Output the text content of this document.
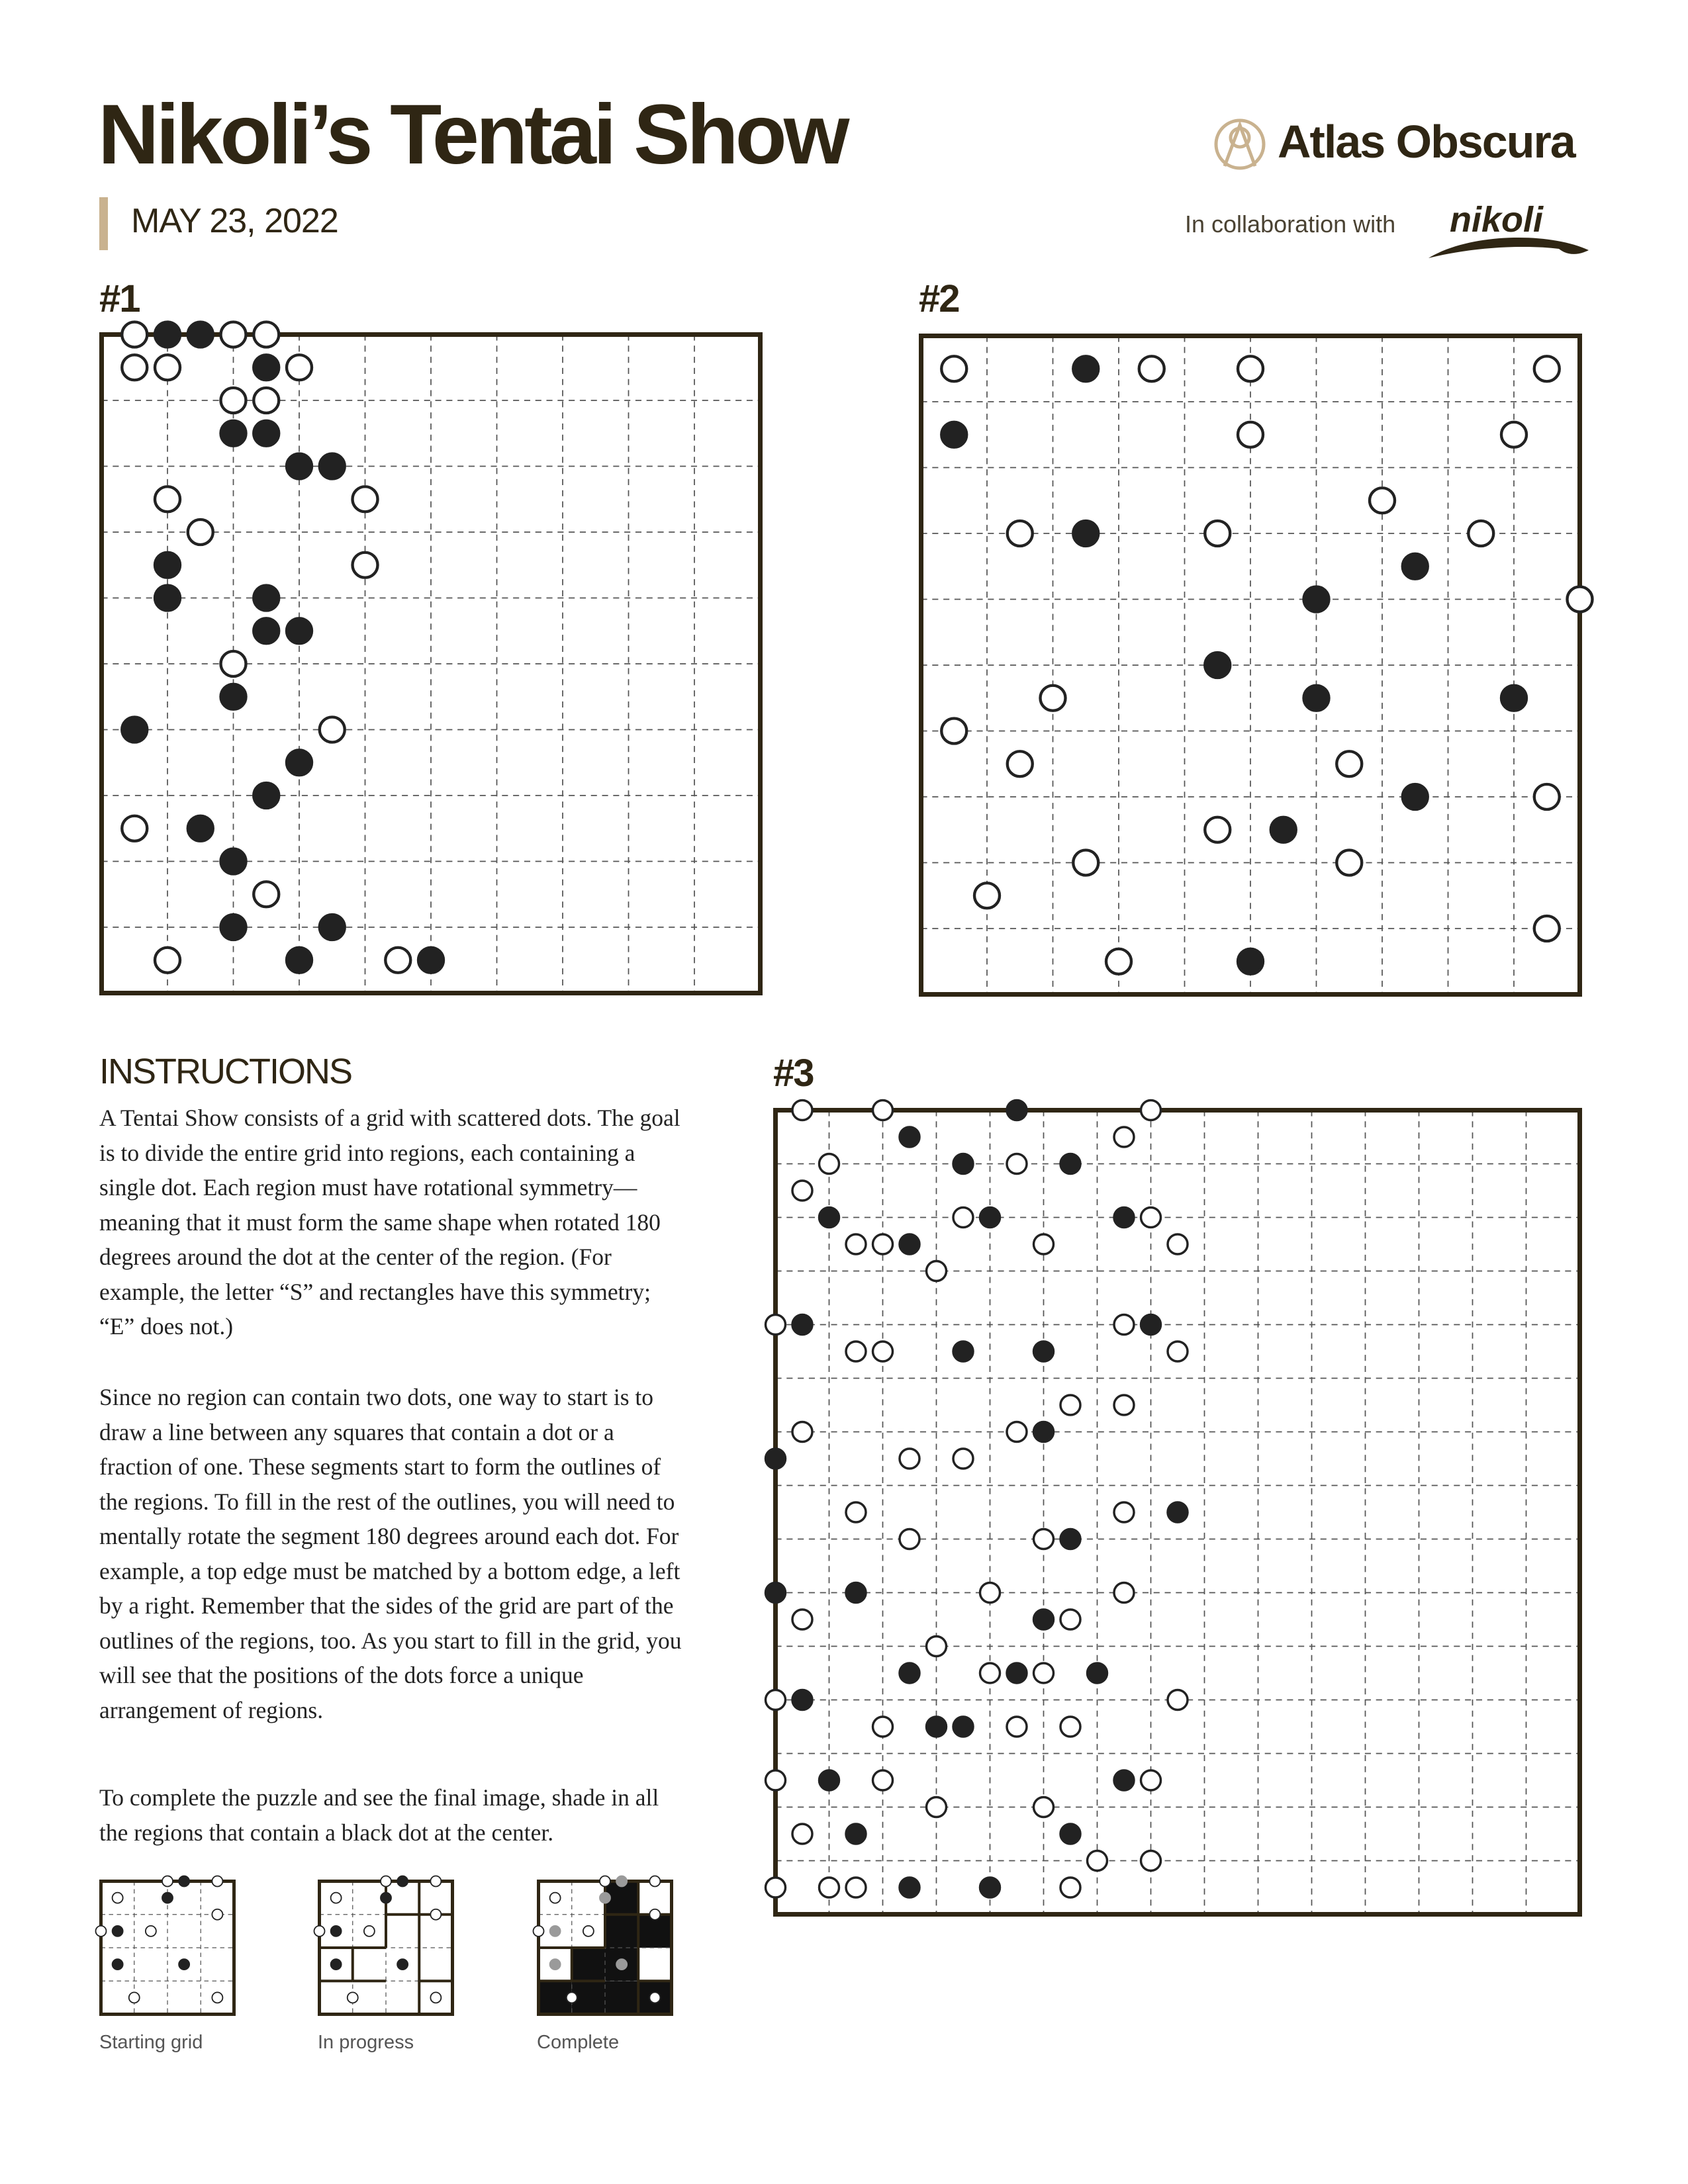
Nikoli’s Tentai Show
MAY 23, 2022
Atlas Obscura
In collaboration with nikoli
#1	#2
#3
INSTRUCTIONS

A Tentai Show consists of a grid with scattered dots. The goal is to divide the entire grid into regions, each containing a single dot. Each region must have rotational symmetry—meaning that it must form the same shape when rotated 180 degrees around the dot at the center of the region. (For example, the letter “S” and rectangles have this symmetry; “E” does not.)

Since no region can contain two dots, one way to start is to draw a line between any squares that contain a dot or a fraction of one. These segments start to form the outlines of the regions. To fill in the rest of the outlines, you will need to mentally rotate the segment 180 degrees around each dot. For example, a top edge must be matched by a bottom edge, a left by a right. Remember that the sides of the grid are part of the outlines of the regions, too. As you start to fill in the grid, you will see that the positions of the dots force a unique arrangement of regions.

To complete the puzzle and see the final image, shade in all the regions that contain a black dot at the center.

Starting grid	In progress	Complete
